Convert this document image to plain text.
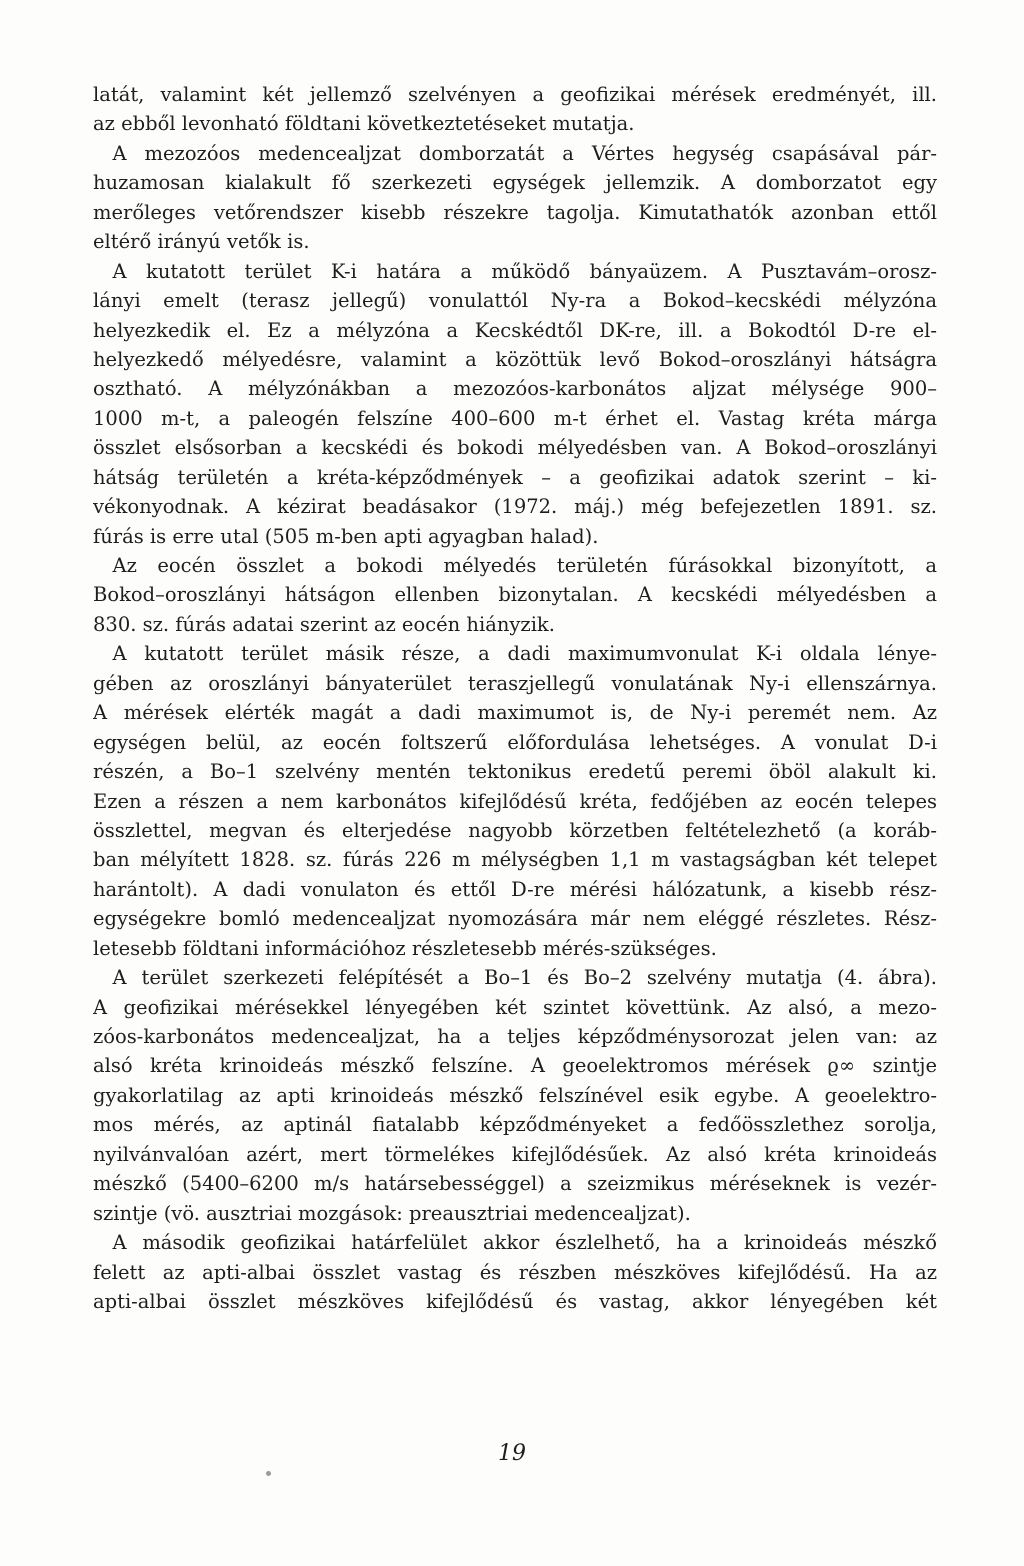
latát, valamint két jellemző szelvényen a geofizikai mérések eredményét, ill.
az ebből levonható földtani következtetéseket mutatja.
 A mezozóos medencealjzat domborzatát a Vértes hegység csapásával pár-
huzamosan kialakult fő szerkezeti egységek jellemzik. A domborzatot egy
merőleges vetőrendszer kisebb részekre tagolja. Kimutathatók azonban ettől
eltérő irányú vetők is.
 A kutatott terület K-i határa a működő bányaüzem. A Pusztavám–orosz-
lányi emelt (terasz jellegű) vonulattól Ny-ra a Bokod–kecskédi mélyzóna
helyezkedik el. Ez a mélyzóna a Kecskédtől DK-re, ill. a Bokodtól D-re el-
helyezkedő mélyedésre, valamint a közöttük levő Bokod–oroszlányi hátságra
osztható. A mélyzónákban a mezozóos-karbonátos aljzat mélysége 900–
1000 m-t, a paleogén felszíne 400–600 m-t érhet el. Vastag kréta márga
összlet elsősorban a kecskédi és bokodi mélyedésben van. A Bokod–oroszlányi
hátság területén a kréta-képződmények – a geofizikai adatok szerint – ki-
vékonyodnak. A kézirat beadásakor (1972. máj.) még befejezetlen 1891. sz.
fúrás is erre utal (505 m-ben apti agyagban halad).
 Az eocén összlet a bokodi mélyedés területén fúrásokkal bizonyított, a
Bokod–oroszlányi hátságon ellenben bizonytalan. A kecskédi mélyedésben a
830. sz. fúrás adatai szerint az eocén hiányzik.
 A kutatott terület másik része, a dadi maximumvonulat K-i oldala lénye-
gében az oroszlányi bányaterület teraszjellegű vonulatának Ny-i ellenszárnya.
A mérések elérték magát a dadi maximumot is, de Ny-i peremét nem. Az
egységen belül, az eocén foltszerű előfordulása lehetséges. A vonulat D-i
részén, a Bo–1 szelvény mentén tektonikus eredetű peremi öböl alakult ki.
Ezen a részen a nem karbonátos kifejlődésű kréta, fedőjében az eocén telepes
összlettel, megvan és elterjedése nagyobb körzetben feltételezhető (a koráb-
ban mélyített 1828. sz. fúrás 226 m mélységben 1,1 m vastagságban két telepet
harántolt). A dadi vonulaton és ettől D-re mérési hálózatunk, a kisebb rész-
egységekre bomló medencealjzat nyomozására már nem eléggé részletes. Rész-
letesebb földtani információhoz részletesebb mérés-szükséges.
 A terület szerkezeti felépítését a Bo–1 és Bo–2 szelvény mutatja (4. ábra).
A geofizikai mérésekkel lényegében két szintet követtünk. Az alsó, a mezo-
zóos-karbonátos medencealjzat, ha a teljes képződménysorozat jelen van: az
alsó kréta krinoideás mészkő felszíne. A geoelektromos mérések ϱ∞ szintje
gyakorlatilag az apti krinoideás mészkő felszínével esik egybe. A geoelektro-
mos mérés, az aptinál fiatalabb képződményeket a fedőösszlethez sorolja,
nyilvánvalóan azért, mert törmelékes kifejlődésűek. Az alsó kréta krinoideás
mészkő (5400–6200 m/s határsebességgel) a szeizmikus méréseknek is vezér-
szintje (vö. ausztriai mozgások: preausztriai medencealjzat).
 A második geofizikai határfelület akkor észlelhető, ha a krinoideás mészkő
felett az apti-albai összlet vastag és részben mészköves kifejlődésű. Ha az
apti-albai összlet mészköves kifejlődésű és vastag, akkor lényegében két
19
